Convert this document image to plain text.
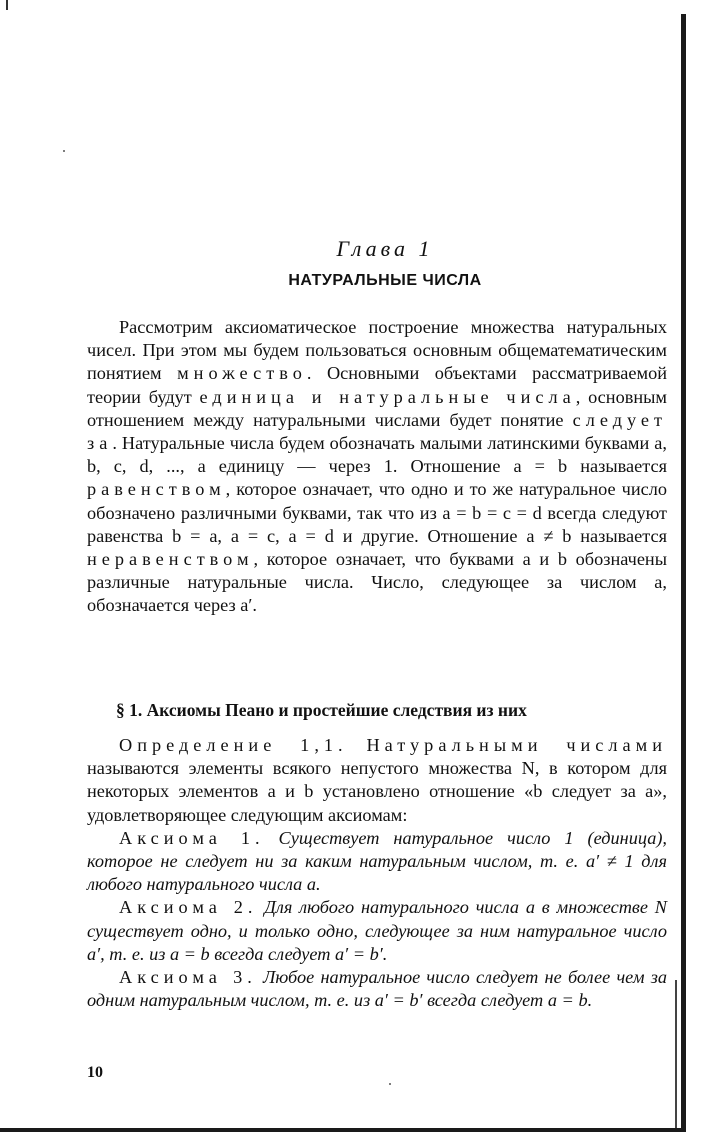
Глава 1
НАТУРАЛЬНЫЕ ЧИСЛА
Рассмотрим аксиоматическое построение множества натуральных чисел. При этом мы будем пользоваться основным общематематическим понятием множество. Основными объектами рассматриваемой теории будут единица и натуральные числа, основным отношением между натуральными числами будет понятие следует за. Натуральные числа будем обозначать малыми латинскими буквами a, b, c, d, ..., а единицу — через 1. Отношение a = b называется равенством, которое означает, что одно и то же натуральное число обозначено различными буквами, так что из a = b = c = d всегда следуют равенства b = a, a = c, a = d и другие. Отношение a ≠ b называется неравенством, которое означает, что буквами a и b обозначены различные натуральные числа. Число, следующее за числом a, обозначается через a′.
§ 1. Аксиомы Пеано и простейшие следствия из них

Определение 1,1. Натуральными числами называются элементы всякого непустого множества N, в котором для некоторых элементов a и b установлено отношение «b следует за a», удовлетворяющее следующим аксиомам:

Аксиома 1. Существует натуральное число 1 (единица), которое не следует ни за каким натуральным числом, т. е. a′ ≠ 1 для любого натурального числа a.

Аксиома 2. Для любого натурального числа a в множестве N существует одно, и только одно, следующее за ним натуральное число a′, т. е. из a = b всегда следует a′ = b′.

Аксиома 3. Любое натуральное число следует не более чем за одним натуральным числом, т. е. из a′ = b′ всегда следует a = b.

10
